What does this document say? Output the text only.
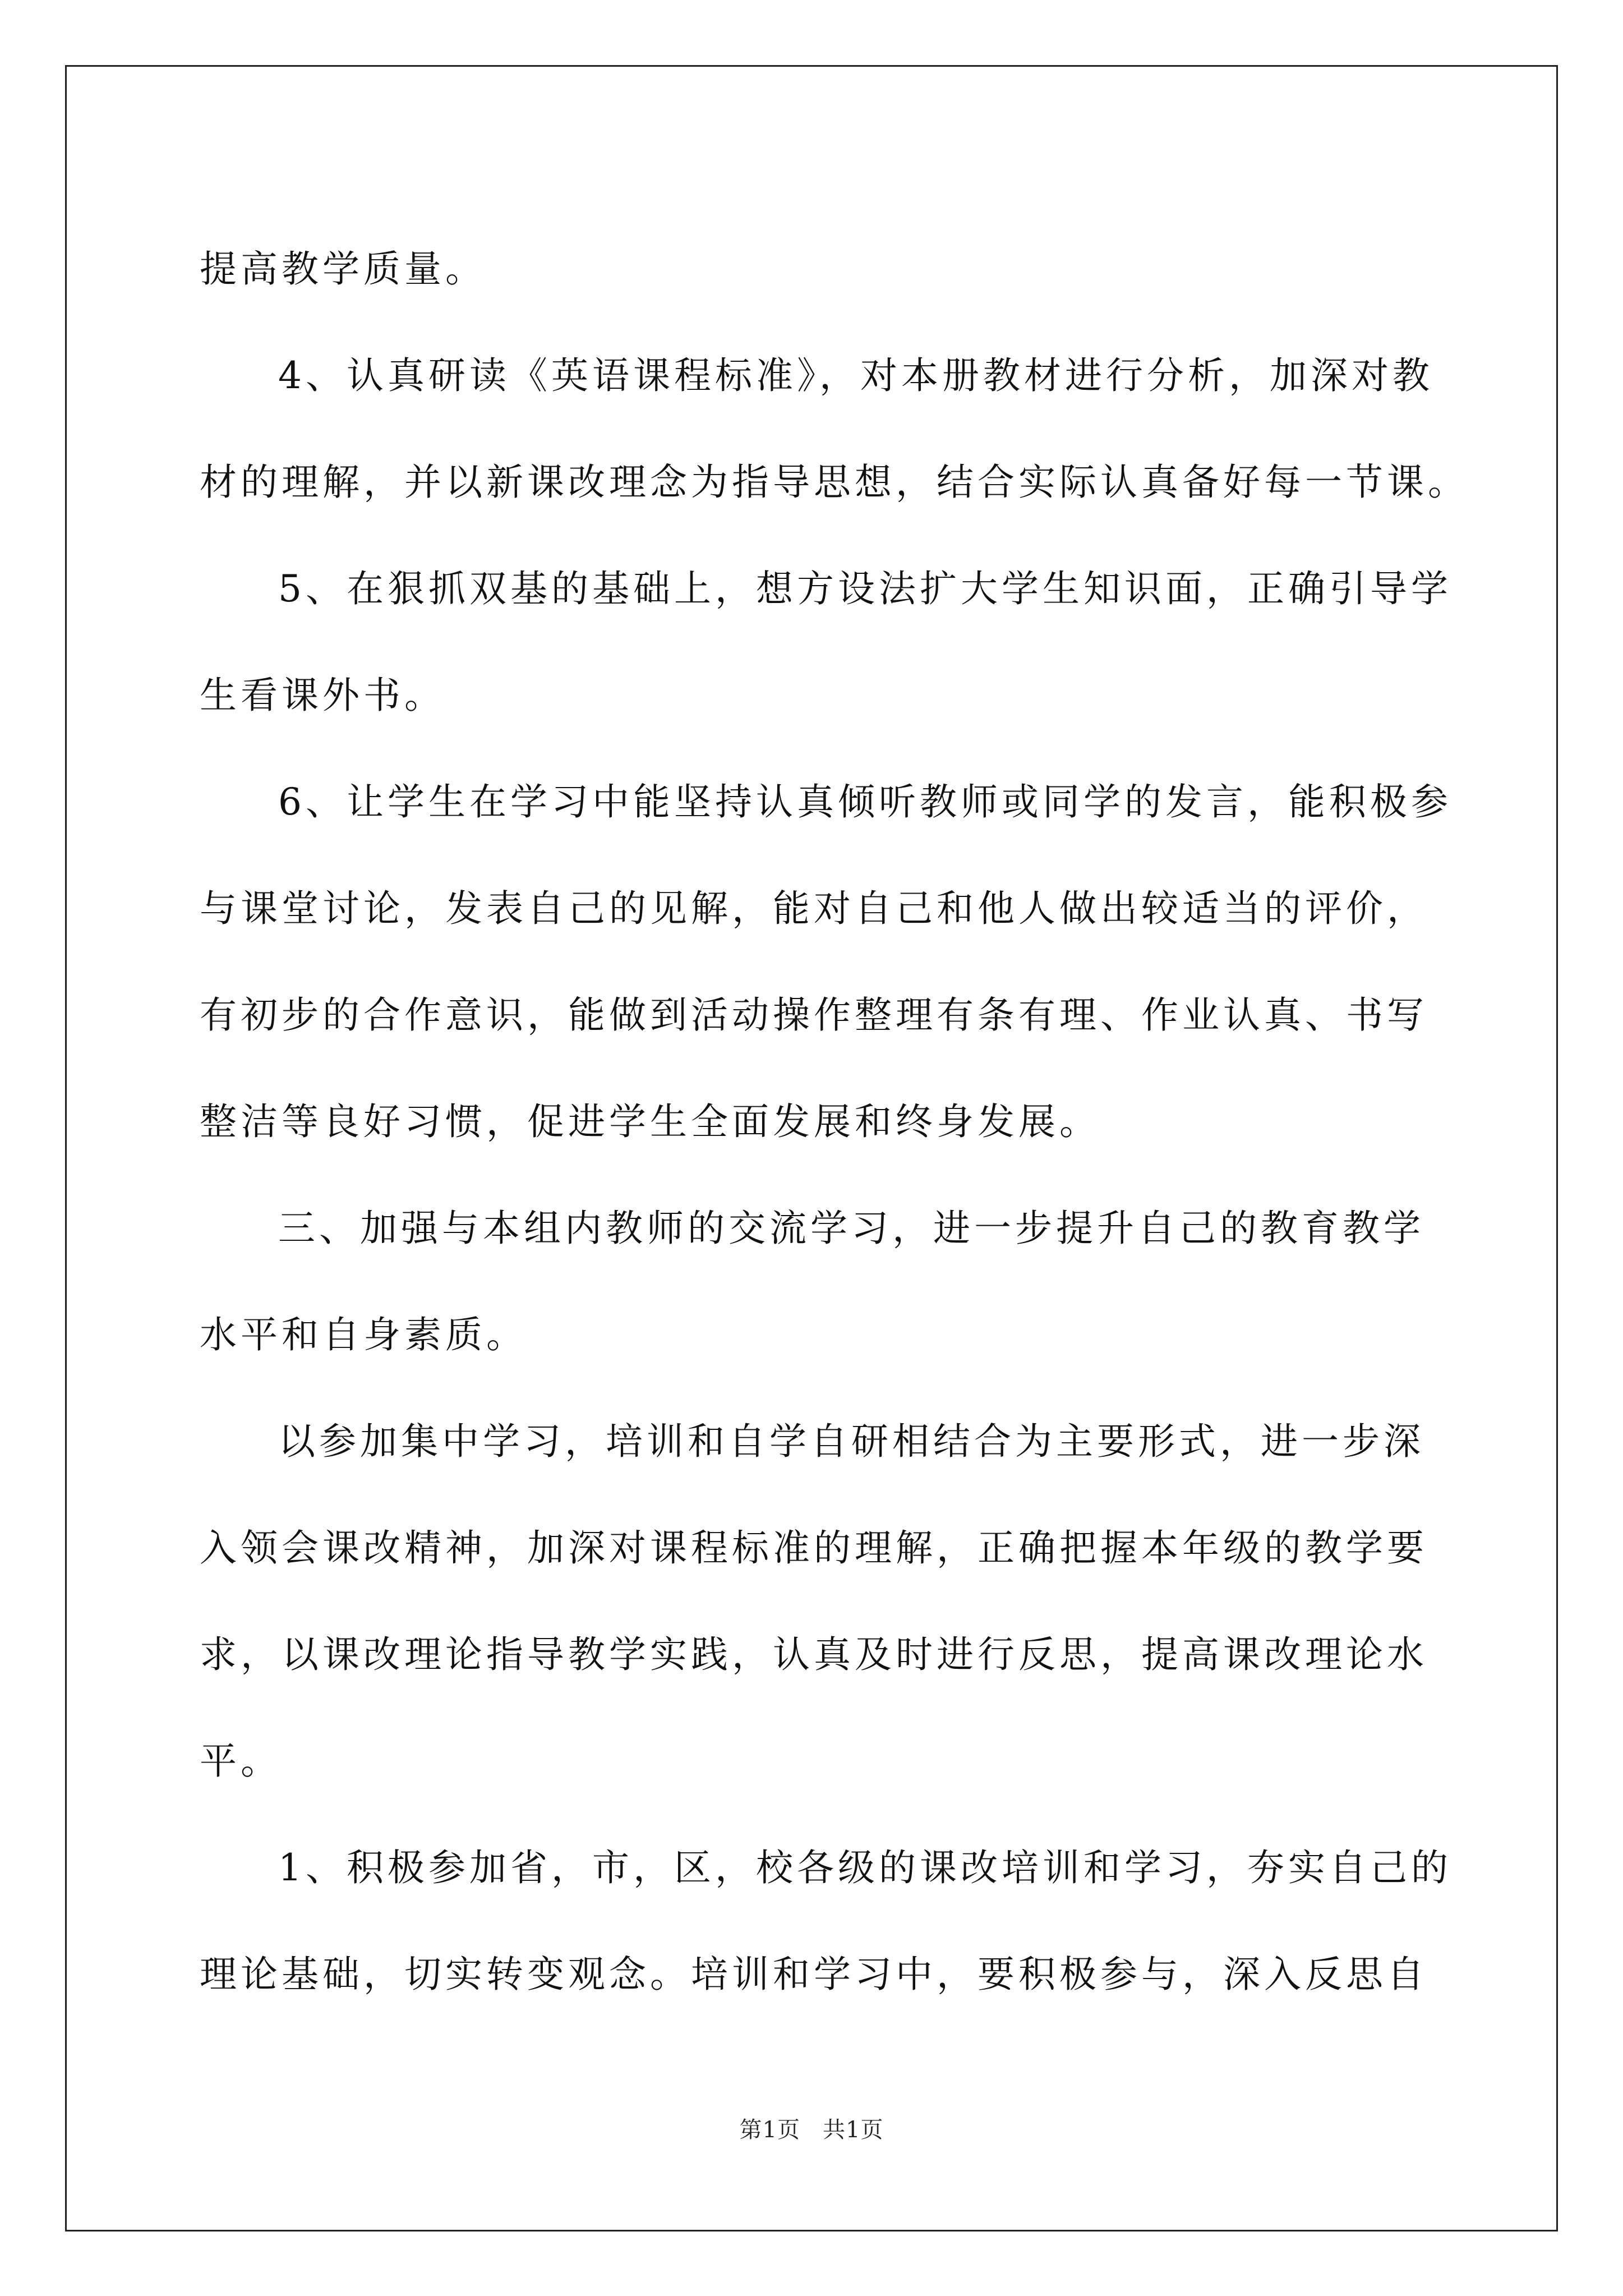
提高教学质量。

4、认真研读《英语课程标准》，对本册教材进行分析，加深对教

材的理解，并以新课改理念为指导思想，结合实际认真备好每一节课。

5、在狠抓双基的基础上，想方设法扩大学生知识面，正确引导学

生看课外书。

6、让学生在学习中能坚持认真倾听教师或同学的发言，能积极参

与课堂讨论，发表自己的见解，能对自己和他人做出较适当的评价，

有初步的合作意识，能做到活动操作整理有条有理、作业认真、书写

整洁等良好习惯，促进学生全面发展和终身发展。

三、加强与本组内教师的交流学习，进一步提升自己的教育教学

水平和自身素质。

以参加集中学习，培训和自学自研相结合为主要形式，进一步深

入领会课改精神，加深对课程标准的理解，正确把握本年级的教学要

求，以课改理论指导教学实践，认真及时进行反思，提高课改理论水

平。

1、积极参加省，市，区，校各级的课改培训和学习，夯实自己的

理论基础，切实转变观念。培训和学习中，要积极参与，深入反思自

第1页 共1页
